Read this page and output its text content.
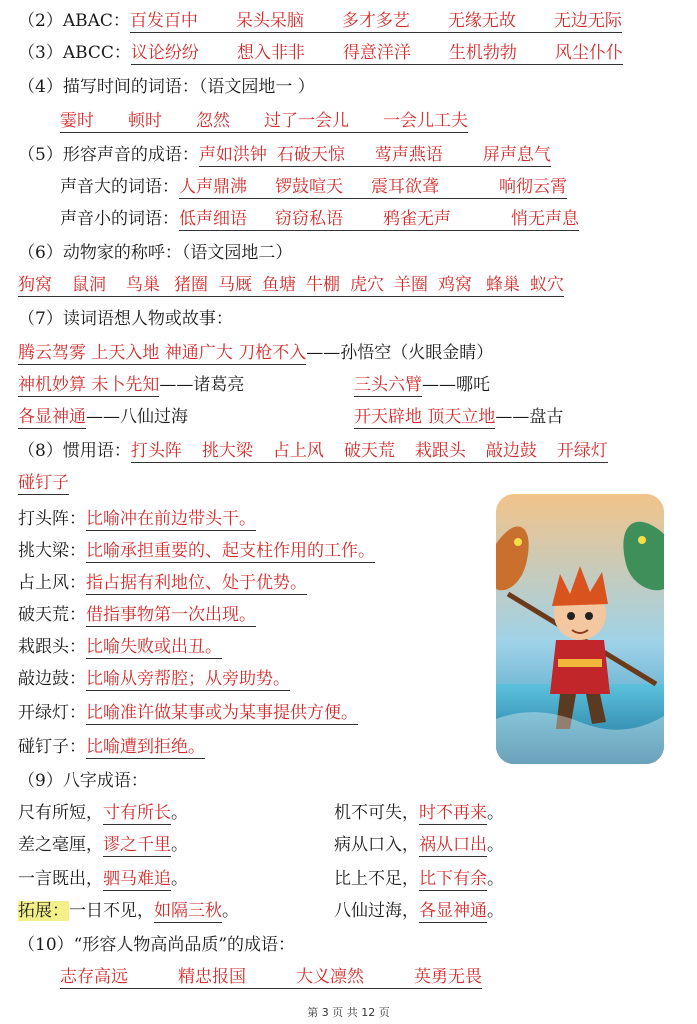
（2）ABAC：百发百中 呆头呆脑 多才多艺 无缘无故 无边无际
（3）ABCC：议论纷纷 想入非非 得意洋洋 生机勃勃 风尘仆仆
（4）描写时间的词语：（语文园地一 ）
霎时 顿时 忽然 过了一会儿 一会儿工夫
（5）形容声音的成语：声如洪钟 石破天惊 莺声燕语 屏声息气
声音大的词语：人声鼎沸 锣鼓喧天 震耳欲聋	响彻云霄
声音小的词语：低声细语 窃窃私语 鸦雀无声	悄无声息
（6）动物家的称呼：（语文园地二）
狗窝 鼠洞 鸟巢 猪圈 马厩 鱼塘 牛棚 虎穴 羊圈 鸡窝 蜂巢 蚁穴
（7）读词语想人物或故事：
腾云驾雾 上天入地 神通广大 刀枪不入——孙悟空（火眼金睛）
神机妙算 未卜先知——诸葛亮	三头六臂——哪吒
各显神通——八仙过海	开天辟地 顶天立地——盘古
（8）惯用语：打头阵 挑大梁 占上风 破天荒 栽跟头 敲边鼓 开绿灯
碰钉子
打头阵：比喻冲在前边带头干。
挑大梁：比喻承担重要的、起支柱作用的工作。
占上风：指占据有利地位、处于优势。
破天荒：借指事物第一次出现。
栽跟头：比喻失败或出丑。
敲边鼓：比喻从旁帮腔；从旁助势。
开绿灯：比喻准许做某事或为某事提供方便。
碰钉子：比喻遭到拒绝。
（9）八字成语：
尺有所短，寸有所长。	机不可失，时不再来。
差之毫厘，谬之千里。	病从口入，祸从口出。
一言既出，驷马难追。	比上不足，比下有余。
拓展：一日不见，如隔三秋。	八仙过海，各显神通。
（10）“形容人物高尚品质”的成语：
志存高远	精忠报国	大义凛然	英勇无畏
第 3 页 共 12 页
